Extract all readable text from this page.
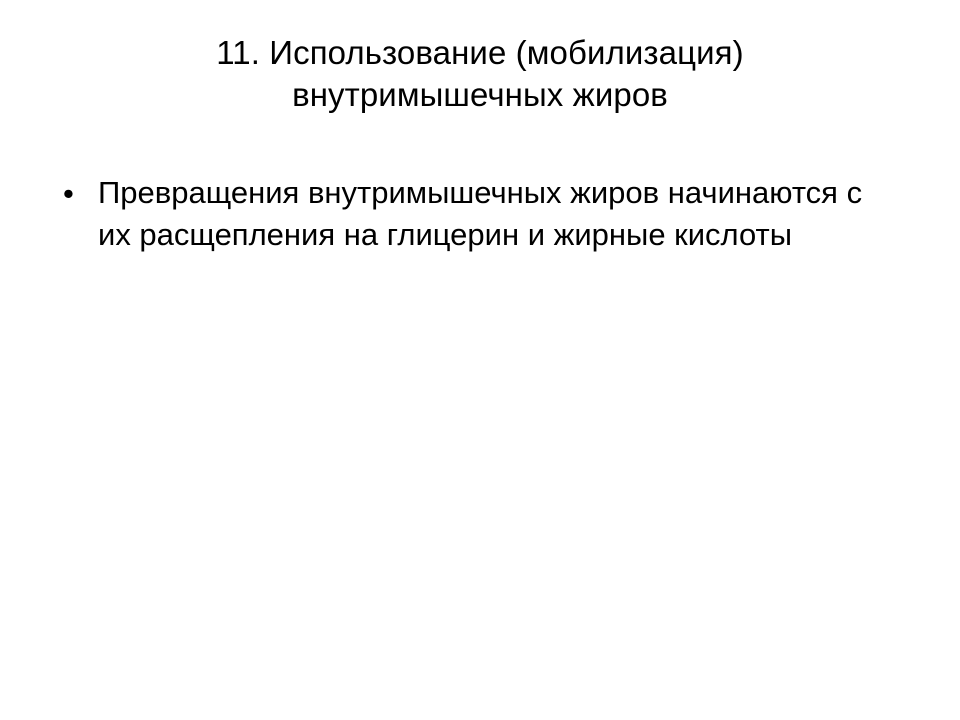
11. Использование (мобилизация) внутримышечных жиров
• Превращения внутримышечных жиров начинаются с их расщепления на глицерин и жирные кислоты
